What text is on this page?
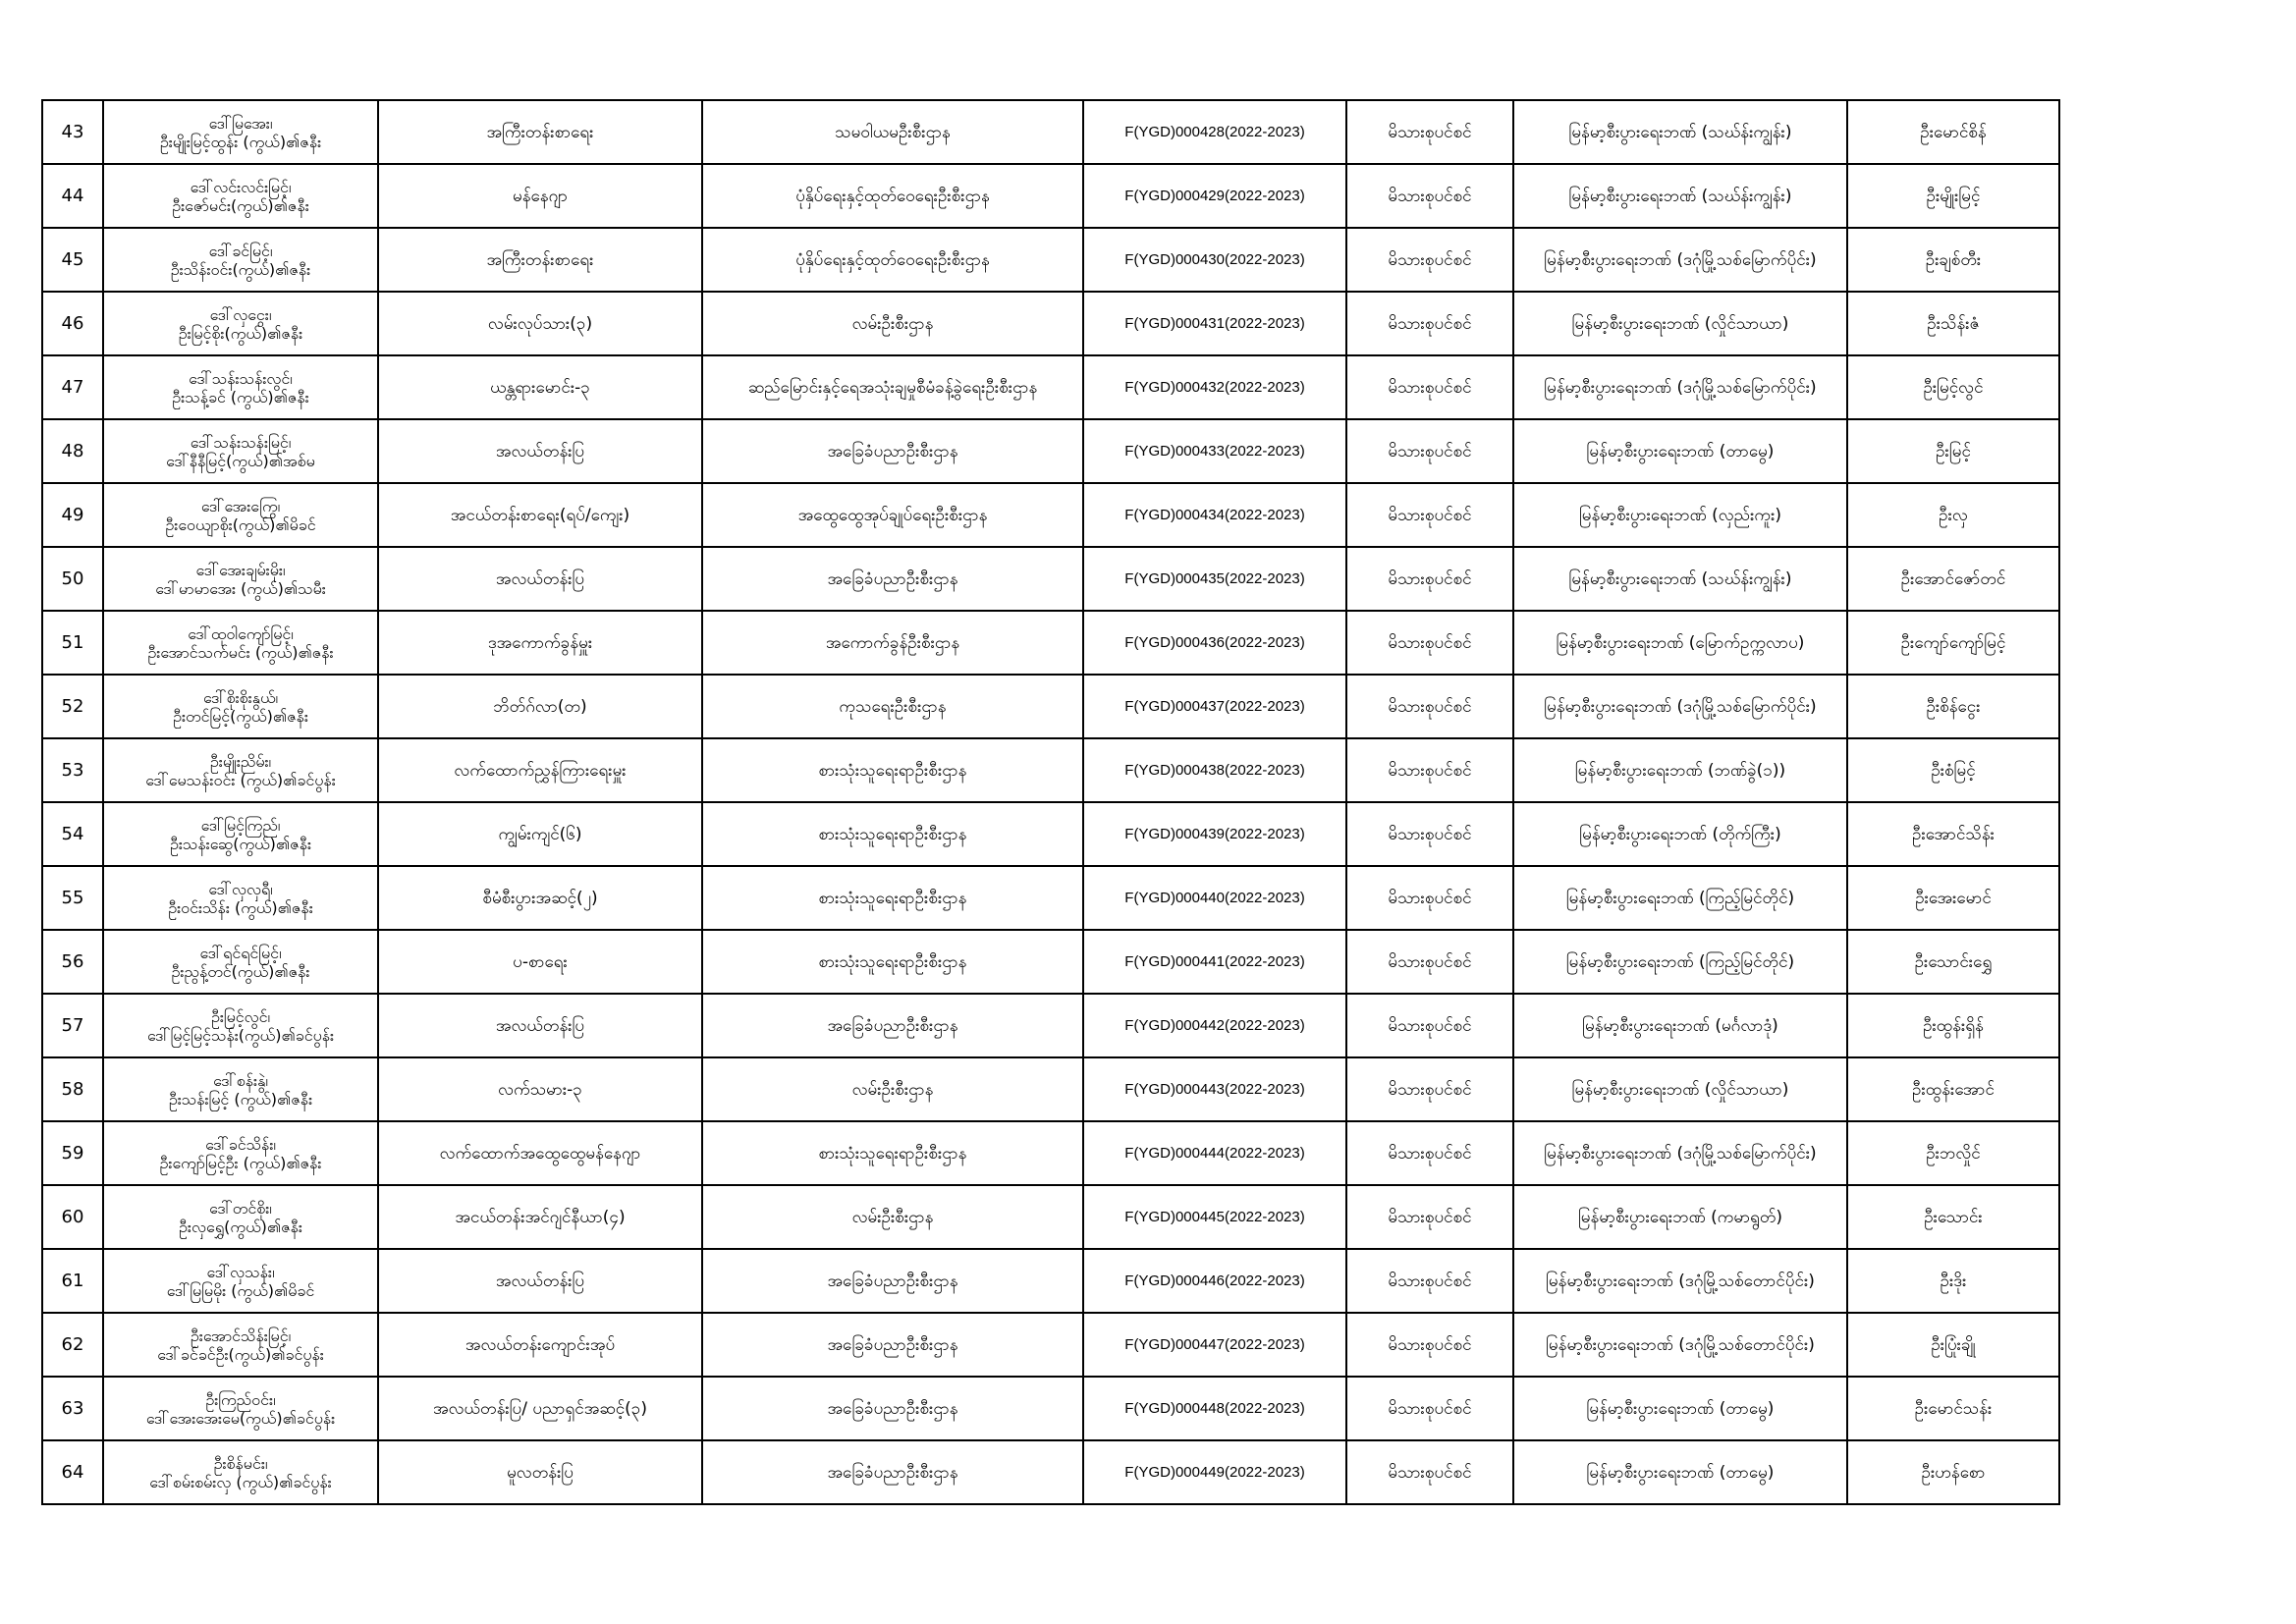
43	ဒေါ်မြအေး၊
ဦးမျိုးမြင့်ထွန်း (ကွယ်)၏ဇနီး	အကြီးတန်းစာရေး	သမဝါယမဦးစီးဌာန	F(YGD)000428(2022-2023)	မိသားစုပင်စင်	မြန်မာ့စီးပွားရေးဘဏ် (သဃ်န်းကျွန်း)	ဦးမောင်စိန်
44	ဒေါ်လင်းလင်းမြင့်၊
ဦးဇော်မင်း(ကွယ်)၏ဇနီး	မန်နေဂျာ	ပုံနှိပ်ရေးနှင့်ထုတ်ဝေရေးဦးစီးဌာန	F(YGD)000429(2022-2023)	မိသားစုပင်စင်	မြန်မာ့စီးပွားရေးဘဏ် (သဃ်န်းကျွန်း)	ဦးမျိုးမြင့်
45	ဒေါ်ခင်မြင့်၊
ဦးသိန်းဝင်း(ကွယ်)၏ဇနီး	အကြီးတန်းစာရေး	ပုံနှိပ်ရေးနှင့်ထုတ်ဝေရေးဦးစီးဌာန	F(YGD)000430(2022-2023)	မိသားစုပင်စင်	မြန်မာ့စီးပွားရေးဘဏ် (ဒဂုံမြို့သစ်မြောက်ပိုင်း)	ဦးချစ်တီး
46	ဒေါ်လှငွေး၊
ဦးမြင့်စိုး(ကွယ်)၏ဇနီး	လမ်းလုပ်သား(၃)	လမ်းဦးစီးဌာန	F(YGD)000431(2022-2023)	မိသားစုပင်စင်	မြန်မာ့စီးပွားရေးဘဏ် (လှိုင်သာယာ)	ဦးသိန်းဇံ
47	ဒေါ်သန်းသန်းလွင်၊
ဦးသန့်ခင် (ကွယ်)၏ဇနီး	ယန္တရားမောင်း-၃	ဆည်မြောင်းနှင့်ရေအသုံးချမှုစီမံခန့်ခွဲရေးဦးစီးဌာန	F(YGD)000432(2022-2023)	မိသားစုပင်စင်	မြန်မာ့စီးပွားရေးဘဏ် (ဒဂုံမြို့သစ်မြောက်ပိုင်း)	ဦးမြင့်လွင်
48	ဒေါ်သန်းသန်းမြင့်၊
ဒေါ်နီနီမြင့်(ကွယ်)၏အစ်မ	အလယ်တန်းပြ	အခြေခံပညာဦးစီးဌာန	F(YGD)000433(2022-2023)	မိသားစုပင်စင်	မြန်မာ့စီးပွားရေးဘဏ် (တာမွေ)	ဦးမြင့်
49	ဒေါ်အေးကြွေ၊
ဦးဝေယျာစိုး(ကွယ်)၏မိခင်	အငယ်တန်းစာရေး(ရပ်/ကျေး)	အထွေထွေအုပ်ချုပ်ရေးဦးစီးဌာန	F(YGD)000434(2022-2023)	မိသားစုပင်စင်	မြန်မာ့စီးပွားရေးဘဏ် (လှည်းကူး)	ဦးလှ
50	ဒေါ်အေးချမ်းမိုး၊
ဒေါ်မာမာအေး (ကွယ်)၏သမီး	အလယ်တန်းပြ	အခြေခံပညာဦးစီးဌာန	F(YGD)000435(2022-2023)	မိသားစုပင်စင်	မြန်မာ့စီးပွားရေးဘဏ် (သဃ်န်းကျွန်း)	ဦးအောင်ဇော်တင်
51	ဒေါ်ထုဝါကျော်မြင့်၊
ဦးအောင်သက်မင်း (ကွယ်)၏ဇနီး	ဒုအကောက်ခွန်မှူး	အကောက်ခွန်ဦးစီးဌာန	F(YGD)000436(2022-2023)	မိသားစုပင်စင်	မြန်မာ့စီးပွားရေးဘဏ် (မြောက်ဥက္ကလာပ)	ဦးကျော်ကျော်မြင့်
52	ဒေါ်စိုးစိုးနွယ်၊
ဦးတင်မြင့်(ကွယ်)၏ဇနီး	ဘိတ်ဂ်လာ(တ)	ကုသရေးဦးစီးဌာန	F(YGD)000437(2022-2023)	မိသားစုပင်စင်	မြန်မာ့စီးပွားရေးဘဏ် (ဒဂုံမြို့သစ်မြောက်ပိုင်း)	ဦးစိန်ငွေး
53	ဦးမျိုးညိမ်း၊
ဒေါ်မေသန်းဝင်း (ကွယ်)၏ခင်ပွန်း	လက်ထောက်ညွှန်ကြားရေးမှူး	စားသုံးသူရေးရာဦးစီးဌာန	F(YGD)000438(2022-2023)	မိသားစုပင်စင်	မြန်မာ့စီးပွားရေးဘဏ် (ဘဏ်ခွဲ(၁))	ဦးစံမြင့်
54	ဒေါ်မြင့်ကြည်၊
ဦးသန်းဆွေ(ကွယ်)၏ဇနီး	ကျွမ်းကျင်(၆)	စားသုံးသူရေးရာဦးစီးဌာန	F(YGD)000439(2022-2023)	မိသားစုပင်စင်	မြန်မာ့စီးပွားရေးဘဏ် (တိုက်ကြီး)	ဦးအောင်သိန်း
55	ဒေါ်လှလှရီ၊
ဦးဝင်းသိန်း (ကွယ်)၏ဇနီး	စီမံစီးပွားအဆင့်(၂)	စားသုံးသူရေးရာဦးစီးဌာန	F(YGD)000440(2022-2023)	မိသားစုပင်စင်	မြန်မာ့စီးပွားရေးဘဏ် (ကြည့်မြင်တိုင်)	ဦးအေးမောင်
56	ဒေါ်ရင်ရင်မြင့်၊
ဦးညွန့်တင်(ကွယ်)၏ဇနီး	ပ-စာရေး	စားသုံးသူရေးရာဦးစီးဌာန	F(YGD)000441(2022-2023)	မိသားစုပင်စင်	မြန်မာ့စီးပွားရေးဘဏ် (ကြည့်မြင်တိုင်)	ဦးသောင်းရွှေ
57	ဦးမြင့်လွင်၊
ဒေါ်မြင့်မြင့်သန်း(ကွယ်)၏ခင်ပွန်း	အလယ်တန်းပြ	အခြေခံပညာဦးစီးဌာန	F(YGD)000442(2022-2023)	မိသားစုပင်စင်	မြန်မာ့စီးပွားရေးဘဏ် (မင်္ဂလာဒုံ)	ဦးထွန်းရှိန်
58	ဒေါ်စန်းနွဲ၊
ဦးသန်းမြင့် (ကွယ်)၏ဇနီး	လက်သမား-၃	လမ်းဦးစီးဌာန	F(YGD)000443(2022-2023)	မိသားစုပင်စင်	မြန်မာ့စီးပွားရေးဘဏ် (လှိုင်သာယာ)	ဦးထွန်းအောင်
59	ဒေါ်ခင်သိန်း၊
ဦးကျော်မြင့်ဦး (ကွယ်)၏ဇနီး	လက်ထောက်အထွေထွေမန်နေဂျာ	စားသုံးသူရေးရာဦးစီးဌာန	F(YGD)000444(2022-2023)	မိသားစုပင်စင်	မြန်မာ့စီးပွားရေးဘဏ် (ဒဂုံမြို့သစ်မြောက်ပိုင်း)	ဦးဘလှိုင်
60	ဒေါ်တင်စိုး၊
ဦးလှရွှေ(ကွယ်)၏ဇနီး	အငယ်တန်းအင်ဂျင်နီယာ(၄)	လမ်းဦးစီးဌာန	F(YGD)000445(2022-2023)	မိသားစုပင်စင်	မြန်မာ့စီးပွားရေးဘဏ် (ကမာရွတ်)	ဦးသောင်း
61	ဒေါ်လှသန်း၊
ဒေါ်မြမြမိုး (ကွယ်)၏မိခင်	အလယ်တန်းပြ	အခြေခံပညာဦးစီးဌာန	F(YGD)000446(2022-2023)	မိသားစုပင်စင်	မြန်မာ့စီးပွားရေးဘဏ် (ဒဂုံမြို့သစ်တောင်ပိုင်း)	ဦးဒိုး
62	ဦးအောင်သိန်းမြင့်၊
ဒေါ်ခင်ခင်ဦး(ကွယ်)၏ခင်ပွန်း	အလယ်တန်းကျောင်းအုပ်	အခြေခံပညာဦးစီးဌာန	F(YGD)000447(2022-2023)	မိသားစုပင်စင်	မြန်မာ့စီးပွားရေးဘဏ် (ဒဂုံမြို့သစ်တောင်ပိုင်း)	ဦးပြုံးချို
63	ဦးကြည်ဝင်း၊
ဒေါ်အေးအေးမေ(ကွယ်)၏ခင်ပွန်း	အလယ်တန်းပြ/ ပညာရှင်အဆင့်(၃)	အခြေခံပညာဦးစီးဌာန	F(YGD)000448(2022-2023)	မိသားစုပင်စင်	မြန်မာ့စီးပွားရေးဘဏ် (တာမွေ)	ဦးမောင်သန်း
64	ဦးစိန်မင်း၊
ဒေါ်စမ်းစမ်းလှ (ကွယ်)၏ခင်ပွန်း	မူလတန်းပြ	အခြေခံပညာဦးစီးဌာန	F(YGD)000449(2022-2023)	မိသားစုပင်စင်	မြန်မာ့စီးပွားရေးဘဏ် (တာမွေ)	ဦးဟန်စော
